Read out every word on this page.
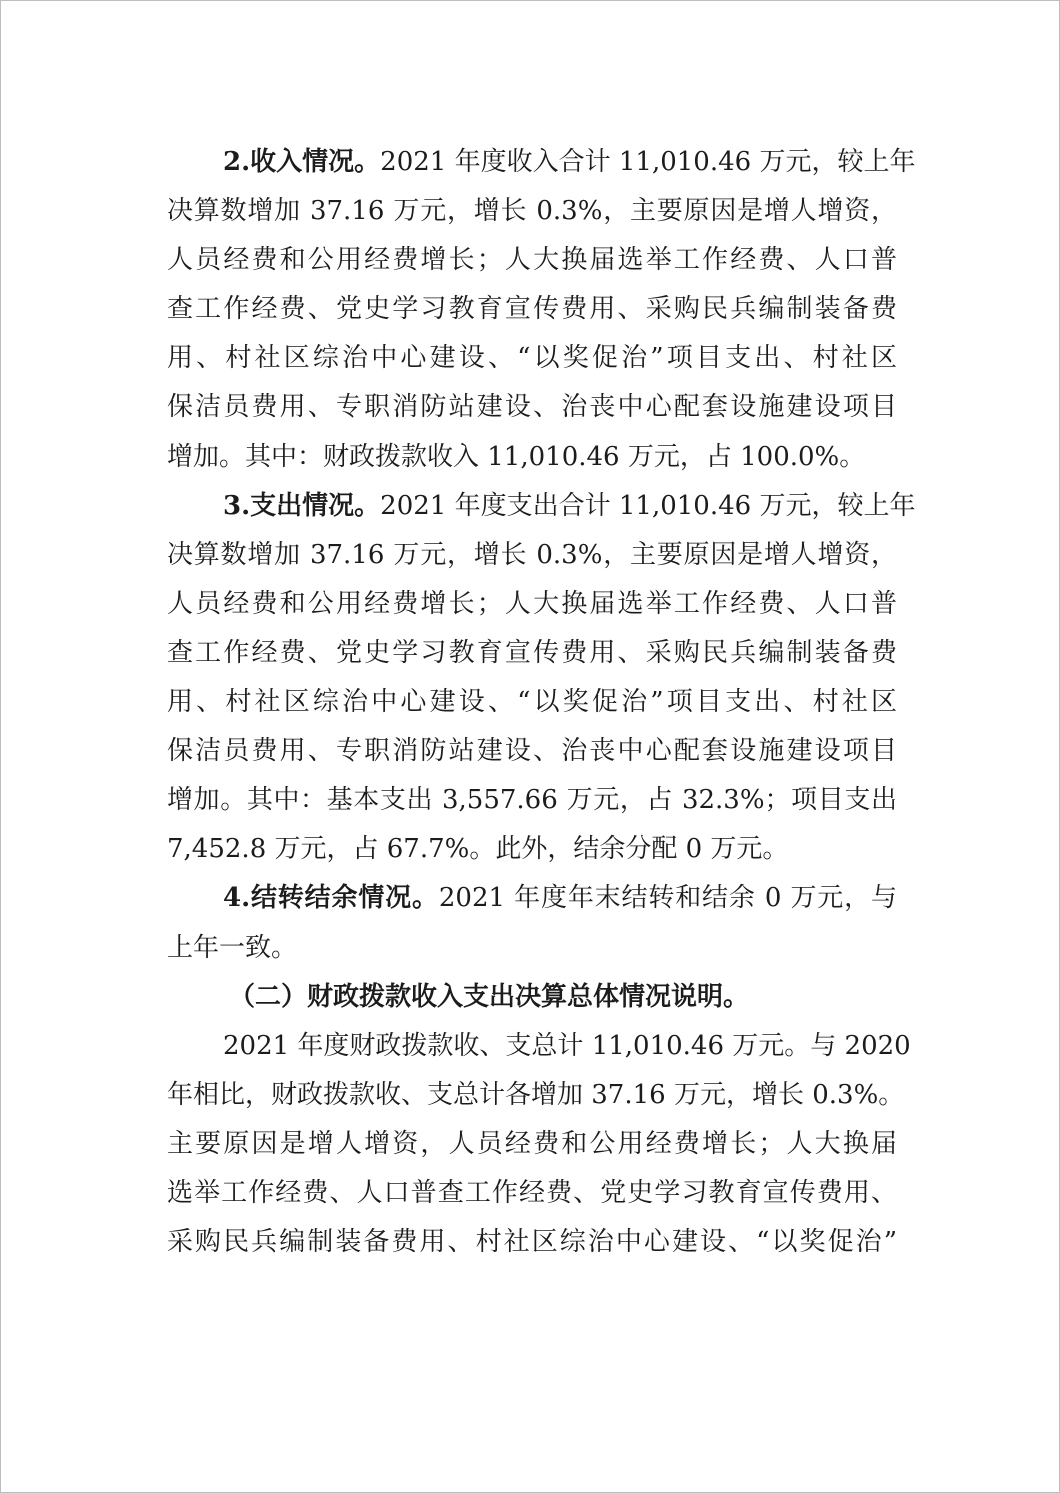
2.收入情况。2021 年度收入合计 11,010.46 万元，较上年
决算数增加 37.16 万元，增长 0.3%，主要原因是增人增资，
人员经费和公用经费增长；人大换届选举工作经费、人口普
查工作经费、党史学习教育宣传费用、采购民兵编制装备费
用、村社区综治中心建设、“以奖促治”项目支出、村社区
保洁员费用、专职消防站建设、治丧中心配套设施建设项目
增加。其中：财政拨款收入 11,010.46 万元，占 100.0%。
3.支出情况。2021 年度支出合计 11,010.46 万元，较上年
决算数增加 37.16 万元，增长 0.3%，主要原因是增人增资，
人员经费和公用经费增长；人大换届选举工作经费、人口普
查工作经费、党史学习教育宣传费用、采购民兵编制装备费
用、村社区综治中心建设、“以奖促治”项目支出、村社区
保洁员费用、专职消防站建设、治丧中心配套设施建设项目
增加。其中：基本支出 3,557.66 万元，占 32.3%；项目支出
7,452.8 万元，占 67.7%。此外，结余分配 0 万元。
4.结转结余情况。2021 年度年末结转和结余 0 万元，与
上年一致。
（二）财政拨款收入支出决算总体情况说明。
2021 年度财政拨款收、支总计 11,010.46 万元。与 2020
年相比，财政拨款收、支总计各增加 37.16 万元，增长 0.3%。
主要原因是增人增资，人员经费和公用经费增长；人大换届
选举工作经费、人口普查工作经费、党史学习教育宣传费用、
采购民兵编制装备费用、村社区综治中心建设、“以奖促治”
